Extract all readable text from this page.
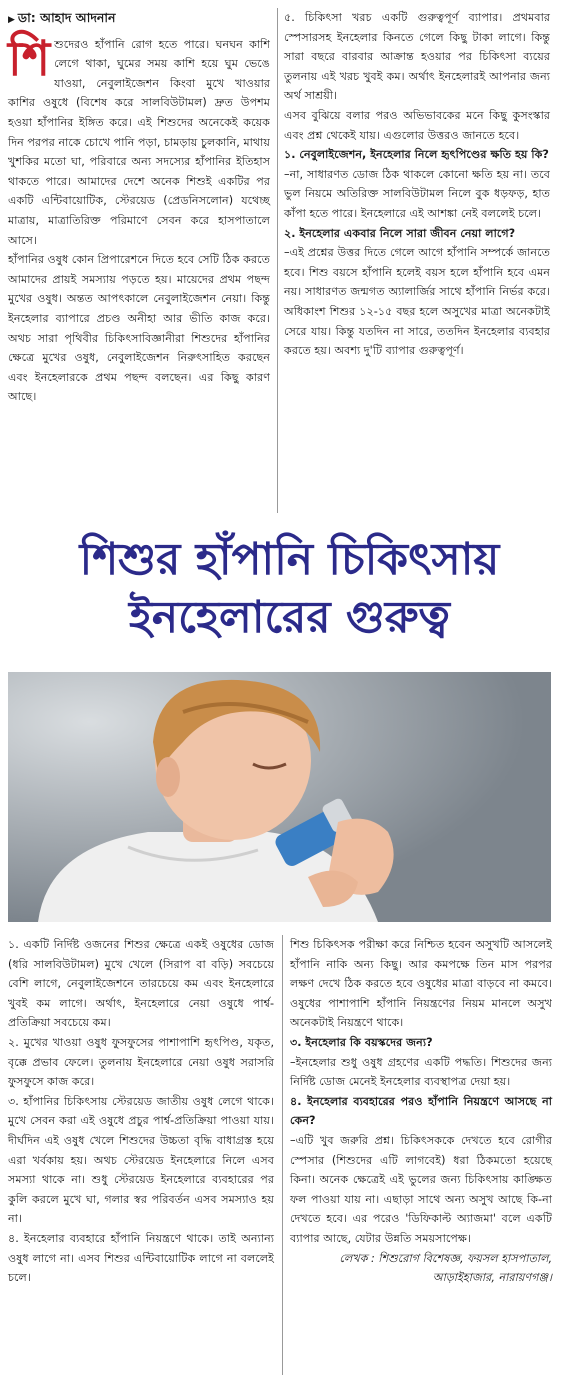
▶ ডা: আহাদ আদনান
শি শুদেরও হাঁপানি রোগ হতে পারে। ঘনঘন কাশি লেগে থাকা, ঘুমের সময় কাশি হয়ে ঘুম ভেঙে যাওয়া, নেবুলাইজেশন কিংবা মুখে খাওয়ার কাশির ওষুধে (বিশেষ করে সালবিউটামল) দ্রুত উপশম হওয়া হাঁপানির ইঙ্গিত করে। এই শিশুদের অনেকেই কয়েক দিন পরপর নাকে চোখে পানি পড়া, চামড়ায় চুলকানি, মাথায় খুশকির মতো ঘা, পরিবারে অন্য সদস্যের হাঁপানির ইতিহাস থাকতে পারে। আমাদের দেশে অনেক শিশুই একটির পর একটি এন্টিবায়োটিক, স্টেরয়েড (প্রেডনিসলোন) যথেচ্ছ মাত্রায়, মাত্রাতিরিক্ত পরিমাণে সেবন করে হাসপাতালে আসে।

হাঁপানির ওষুধ কোন প্রিপারেশনে দিতে হবে সেটি ঠিক করতে আমাদের প্রায়ই সমস্যায় পড়তে হয়। মায়েদের প্রথম পছন্দ মুখের ওষুধ। অন্তত আপৎকালে নেবুলাইজেশন নেয়া। কিন্তু ইনহেলার ব্যাপারে প্রচণ্ড অনীহা আর ভীতি কাজ করে। অথচ সারা পৃথিবীর চিকিৎসাবিজ্ঞানীরা শিশুদের হাঁপানির ক্ষেত্রে মুখের ওষুধ, নেবুলাইজেশন নিরুৎসাহিত করছেন এবং ইনহেলারকে প্রথম পছন্দ বলছেন। এর কিছু কারণ আছে।

৫. চিকিৎসা খরচ একটি গুরুত্বপূর্ণ ব্যাপার। প্রথমবার স্পেসারসহ ইনহেলার কিনতে গেলে কিছু টাকা লাগে। কিন্তু সারা বছরে বারবার আক্রান্ত হওয়ার পর চিকিৎসা ব্যয়ের তুলনায় এই খরচ খুবই কম। অর্থাৎ ইনহেলারই আপনার জন্য অর্থ সাশ্রয়ী।

এসব বুঝিয়ে বলার পরও অভিভাবকের মনে কিছু কুসংস্কার এবং প্রশ্ন থেকেই যায়। এগুলোর উত্তরও জানতে হবে।

১. নেবুলাইজেশন, ইনহেলার নিলে হৃৎপিণ্ডের ক্ষতি হয় কি?

–না, সাধারণত ডোজ ঠিক থাকলে কোনো ক্ষতি হয় না। তবে ভুল নিয়মে অতিরিক্ত সালবিউটামল নিলে বুক ধড়ফড়, হাত কাঁপা হতে পারে। ইনহেলারে এই আশঙ্কা নেই বললেই চলে।

২. ইনহেলার একবার নিলে সারা জীবন নেয়া লাগে?

–এই প্রশ্নের উত্তর দিতে গেলে আগে হাঁপানি সম্পর্কে জানতে হবে। শিশু বয়সে হাঁপানি হলেই বয়স হলে হাঁপানি হবে এমন নয়। সাধারণত জন্মগত অ্যালার্জির সাথে হাঁপানি নির্ভর করে। অধিকাংশ শিশুর ১২-১৫ বছর হলে অসুখের মাত্রা অনেকটাই সেরে যায়। কিন্তু যতদিন না সারে, ততদিন ইনহেলার ব্যবহার করতে হয়। অবশ্য দু'টি ব্যাপার গুরুত্বপূর্ণ।

শিশুর হাঁপানি চিকিৎসায়
ইনহেলারের গুরুত্ব

১. একটি নির্দিষ্ট ওজনের শিশুর ক্ষেত্রে একই ওষুধের ডোজ (ধরি সালবিউটামল) মুখে খেলে (সিরাপ বা বড়ি) সবচেয়ে বেশি লাগে, নেবুলাইজেশনে তারচেয়ে কম এবং ইনহেলারে খুবই কম লাগে। অর্থাৎ, ইনহেলারে নেয়া ওষুধে পার্শ্ব-প্রতিক্রিয়া সবচেয়ে কম।

২. মুখের খাওয়া ওষুধ ফুসফুসের পাশাপাশি হৃৎপিণ্ড, যকৃত, বৃক্কে প্রভাব ফেলে। তুলনায় ইনহেলারে নেয়া ওষুধ সরাসরি ফুসফুসে কাজ করে।

৩. হাঁপানির চিকিৎসায় স্টেরয়েড জাতীয় ওষুধ লেগে থাকে। মুখে সেবন করা এই ওষুধে প্রচুর পার্শ্ব-প্রতিক্রিয়া পাওয়া যায়। দীর্ঘদিন এই ওষুধ খেলে শিশুদের উচ্চতা বৃদ্ধি বাধাগ্রস্ত হয়ে এরা খর্বকায় হয়। অথচ স্টেরয়েড ইনহেলারে নিলে এসব সমস্যা থাকে না। শুধু স্টেরয়েড ইনহেলারে ব্যবহারের পর কুলি করলে মুখে ঘা, গলার স্বর পরিবর্তন এসব সমস্যাও হয় না।

৪. ইনহেলার ব্যবহারে হাঁপানি নিয়ন্ত্রণে থাকে। তাই অন্যান্য ওষুধ লাগে না। এসব শিশুর এন্টিবায়োটিক লাগে না বললেই চলে।

শিশু চিকিৎসক পরীক্ষা করে নিশ্চিত হবেন অসুখটি আসলেই হাঁপানি নাকি অন্য কিছু। আর কমপক্ষে তিন মাস পরপর লক্ষণ দেখে ঠিক করতে হবে ওষুধের মাত্রা বাড়বে না কমবে। ওষুধের পাশাপাশি হাঁপানি নিয়ন্ত্রণের নিয়ম মানলে অসুখ অনেকটাই নিয়ন্ত্রণে থাকে।

৩. ইনহেলার কি বয়স্কদের জন্য?

–ইনহেলার শুধু ওষুধ গ্রহণের একটি পদ্ধতি। শিশুদের জন্য নির্দিষ্ট ডোজ মেনেই ইনহেলার ব্যবস্থাপত্র দেয়া হয়।

৪. ইনহেলার ব্যবহারের পরও হাঁপানি নিয়ন্ত্রণে আসছে না কেন?

–এটি খুব জরুরি প্রশ্ন। চিকিৎসককে দেখতে হবে রোগীর স্পেসার (শিশুদের এটি লাগবেই) ধরা ঠিকমতো হয়েছে কিনা। অনেক ক্ষেত্রেই এই ভুলের জন্য চিকিৎসায় কাঙ্ক্ষিত ফল পাওয়া যায় না। এছাড়া সাথে অন্য অসুখ আছে কি-না দেখতে হবে। এর পরেও 'ডিফিকাল্ট অ্যাজমা' বলে একটি ব্যাপার আছে, যেটার উন্নতি সময়সাপেক্ষ।

লেখক : শিশুরোগ বিশেষজ্ঞ, ফয়সল হাসপাতাল, আড়াইহাজার, নারায়ণগঞ্জ।
